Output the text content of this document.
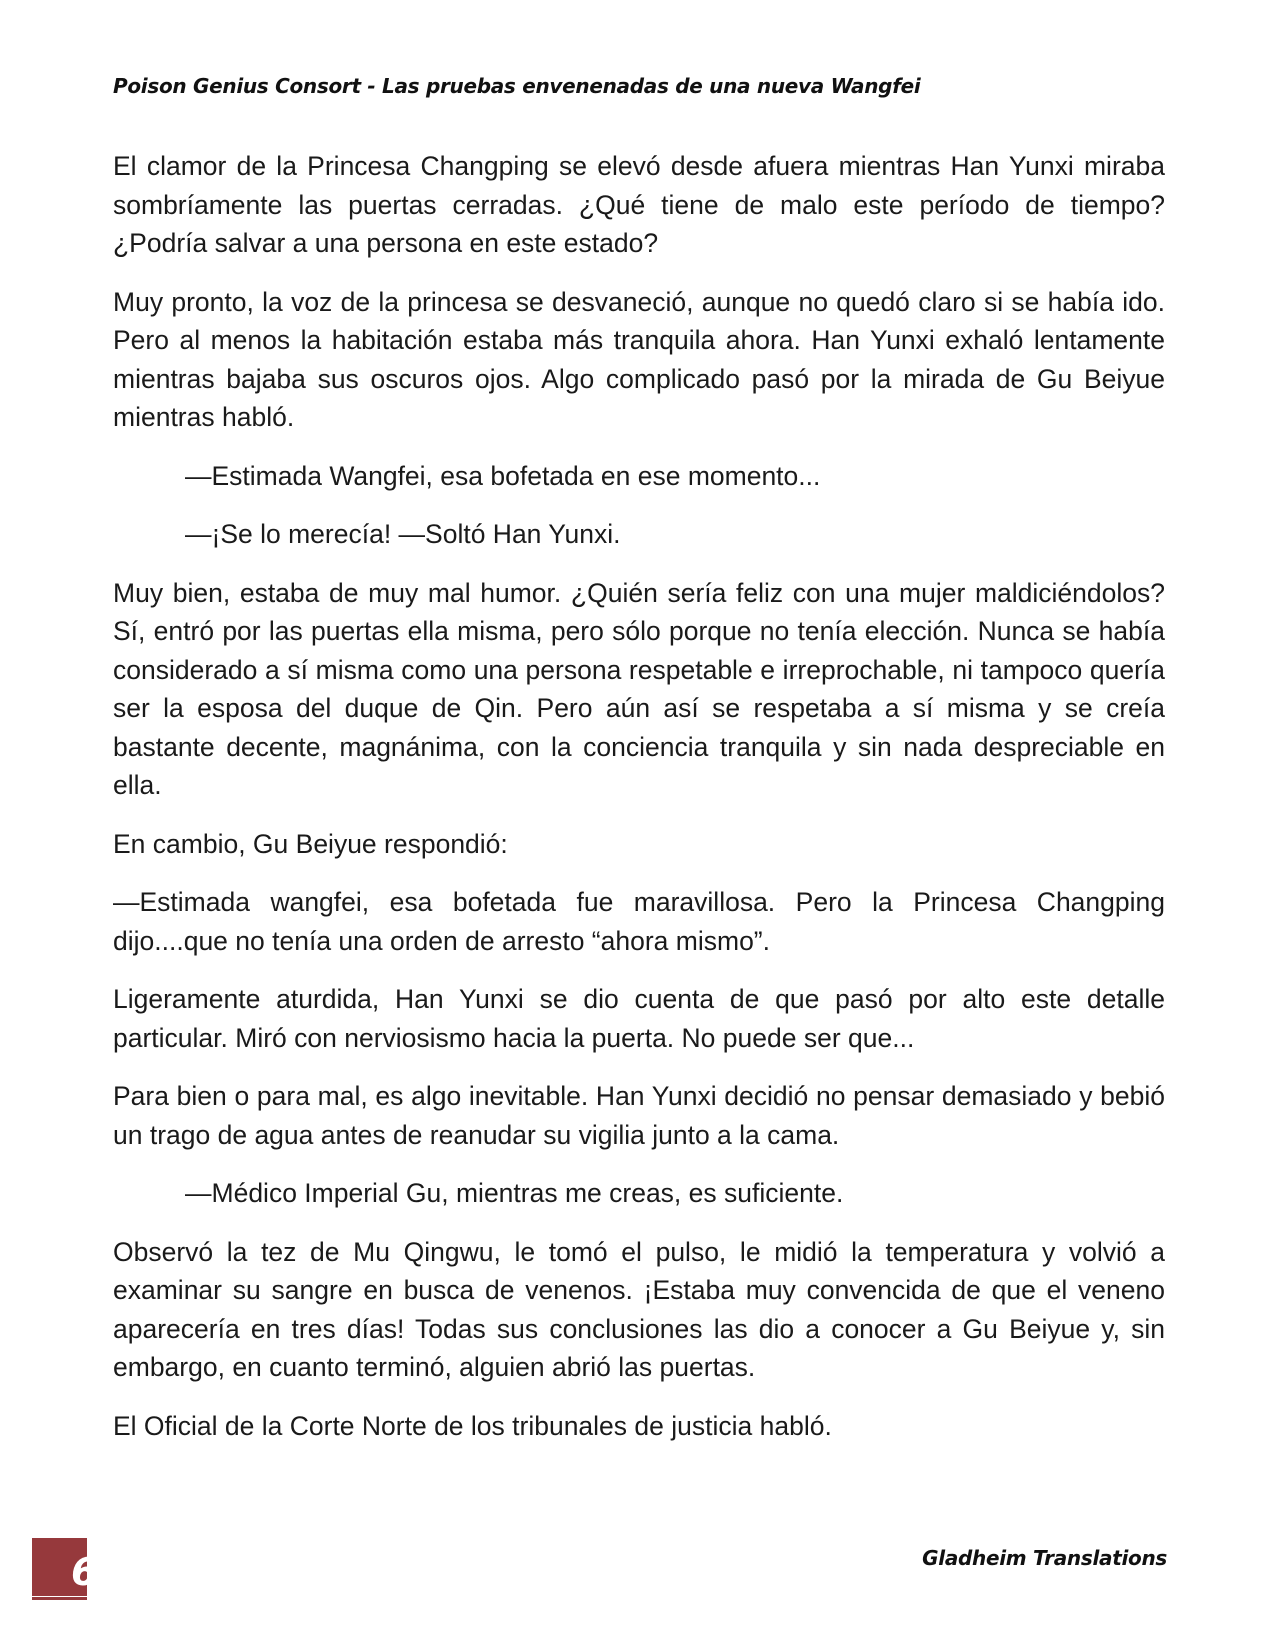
Poison Genius Consort - Las pruebas envenenadas de una nueva Wangfei

El clamor de la Princesa Changping se elevó desde afuera mientras Han Yunxi miraba sombríamente las puertas cerradas. ¿Qué tiene de malo este período de tiempo? ¿Podría salvar a una persona en este estado?

Muy pronto, la voz de la princesa se desvaneció, aunque no quedó claro si se había ido. Pero al menos la habitación estaba más tranquila ahora. Han Yunxi exhaló lentamente mientras bajaba sus oscuros ojos. Algo complicado pasó por la mirada de Gu Beiyue mientras habló.

—Estimada Wangfei, esa bofetada en ese momento...

—¡Se lo merecía! —Soltó Han Yunxi.

Muy bien, estaba de muy mal humor. ¿Quién sería feliz con una mujer maldiciéndolos? Sí, entró por las puertas ella misma, pero sólo porque no tenía elección. Nunca se había considerado a sí misma como una persona respetable e irreprochable, ni tampoco quería ser la esposa del duque de Qin. Pero aún así se respetaba a sí misma y se creía bastante decente, magnánima, con la conciencia tranquila y sin nada despreciable en ella.

En cambio, Gu Beiyue respondió:

—Estimada wangfei, esa bofetada fue maravillosa. Pero la Princesa Changping dijo....que no tenía una orden de arresto “ahora mismo”.

Ligeramente aturdida, Han Yunxi se dio cuenta de que pasó por alto este detalle particular. Miró con nerviosismo hacia la puerta. No puede ser que...

Para bien o para mal, es algo inevitable. Han Yunxi decidió no pensar demasiado y bebió un trago de agua antes de reanudar su vigilia junto a la cama.

—Médico Imperial Gu, mientras me creas, es suficiente.

Observó la tez de Mu Qingwu, le tomó el pulso, le midió la temperatura y volvió a examinar su sangre en busca de venenos. ¡Estaba muy convencida de que el veneno aparecería en tres días! Todas sus conclusiones las dio a conocer a Gu Beiyue y, sin embargo, en cuanto terminó, alguien abrió las puertas.

El Oficial de la Corte Norte de los tribunales de justicia habló.

6	Gladheim Translations
